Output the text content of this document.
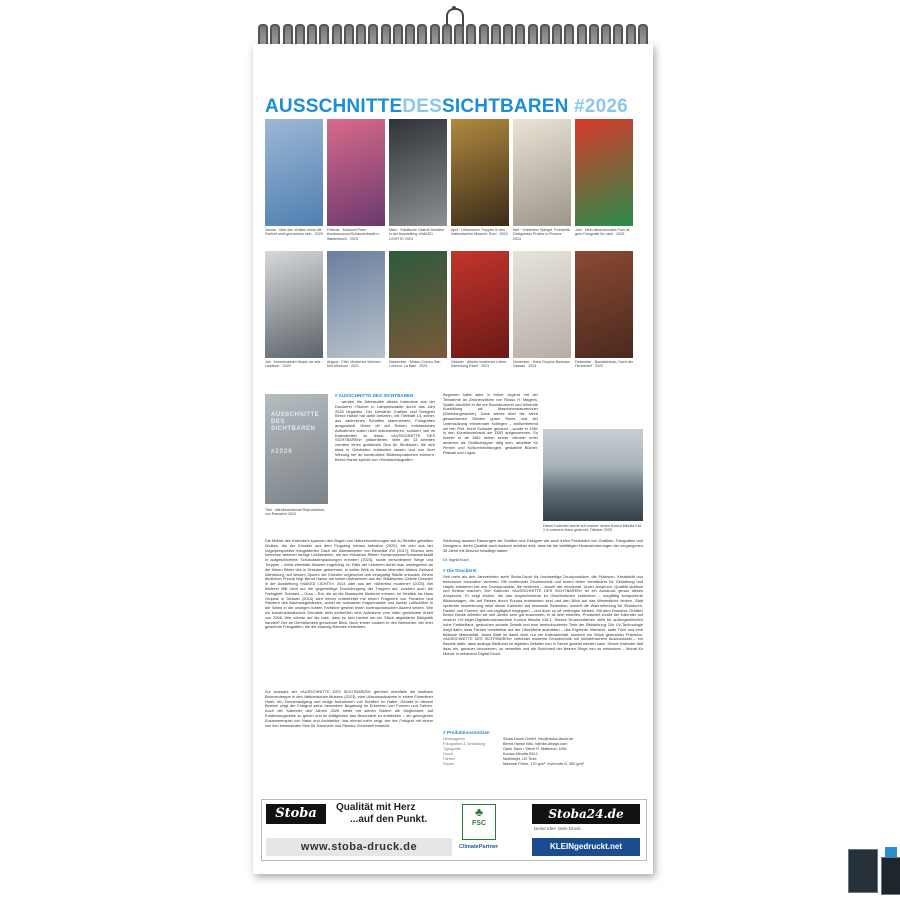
AUSSCHNITTEDESSICHTBAREN #2026
Januar · über den Wolken muss die Freiheit wohl grenzenlos sein · 2025
Februar · Museum Peter Kunstmuseum/Schauwerkstatt in Waldenbuch · 2023
März · Städtische Galerie Dresden in der Ausstellung »NAKED LIGHTS« 2024
April · Ultramarine Treppen in den Vatikanischen Museen, Rom · 2023
Mai · »Helmets« Spiegel, Frontseite Designhaus Proktor in Florenz · 2024
Juni · Mein dimensionales Fahr ist gern Fotografie für mich · 2025
Juli · Kunstmuseum Museu de arte · Lissabon · 2025
August · Eifel, Modernes Wohnen fürs Museum · 2021
September · Museo Cosmo San Lorenzo, La Baie · 2024
Oktober · Alberto modernes Leben, Sammlung Essel · 2021
November · Haus Gropius Bauhaus Dessau · 2024
Dezember · Backsteinbau, Dach der Hermsdorf · 2022
AUSSCHNITTE DES SICHTBAREN
#2026
Titel · offenbeachtende Reproduktion, von Ramstein 2024
# AUSSCHNITTE DES SICHTBAREN
… werden die Adressaten dieses Kalenders aus der Druckerei »Stoba« in Lampertswalde durch das Jahr 2026 begleiten. Der Dresdner Grafiker und Designer Bernd Hanke hat dafür dreizehn, mit Titelblatt 14, seiner, aus zahlreichen Schaffen stammenden, Fotografien ausgewählt. Diese oft auf Reisen entstandenen Aufnahmen sollen nicht dokumentieren, sondern, wie im Kalendertitel zu lesen, »AUSSCHNITTE DES SICHTBAREN« präsentieren. Viele der 13 Arbeiten verraten einen grafischen Sinn für Strukturen, die sich etwa in Gebäuden entdecken lassen und von ihrer Wirkung her an konstruktive Bildkompositionen erinnern. Bernd Hanke spricht von »Strukturfotografie«.
Beginnen hatte alles in früher Jugend mit der Teilnahme an Zeichenzirkeln von Rosso H. Magens. Später durchlief er die zur Buchdruckerei und führende Ausbildung als Maschinenbauzeichner (Werkzeugmacher). Dank seines über die Jahre gewachsenen Sichten guten Rufes und der Unterstützung erinnernder Kollegen – stellvertretend sei hier Prof. Horst Schuster genannt – wurde er 1981 in den Künstlerverband der DDR aufgenommen. So konnte er ab 1982 neben seiner »Arbeit« unter anderem als Grafikdesigner tätig sein, arbeitete für Firmen und Kultureinrichtungen, gestaltete Bücher, Plakate und Logos.
Dieser Kalender wurde auf unserer neuen Konica Minolta KM-1 in unserem Haus gedruckt, Oktober 2025
Werkzeug tausend Fassungen der Grafiker und Designer wie auch freien Produktion von Grafiken, Fotografien und Designern, deren Qualität auch dadurch sichtbar wird, dass sie die vielfältigen Herausforderungen der vergangenen 35 Jahre mit Bravour bewältigt haben.
Dr. Ingrid Koch
Die Motive des Kalenders spannen den Bogen von Naturerscheinungen wie zu Streifen geballten Wolken, die der Künstler aus dem Flugzeug heraus aufnahm (2025), bis zum aus der Vogelperspektive fotografierten Dach der Altarsanieiten von Benedikt XVI (2017). Ebenso sein Interesse welchen farbige Lichtstrahlen, die am »Museum Ritter« Kunstmuseum/Schauwerkstatt in aufgeschichtete Schokoladenpackungen erinnern (2023), sowie verschiedene Wege und Treppen – meist ebenfalls Museen zugehörig. Im Falle der Letzteren denkt man unweigerlich an die frühen Bilder des in Dresden geborenen, in weiter Welt zu Hause lebenden Malers Gerhard Altenbourg, auf dessen Spuren der Künstler ungewohnt und einzigartig Städte erkundet. Einem ähnlichen Prinzip folgt Bernd Hanke mit seinen Aufnahmen aus der Städtischen Galerie Dresden in der Ausstellung »NAKED LIGHTS«, 2014 oder aus der »Albertina moderne« (2023). Bei letzterer fällt nicht nur die gegenseitige Durchdringung der Treppen auf, sondern auch die Farbigkeit: Schwarz – Grau – Rot, die an die Klassische Moderne erinnert. Im Hinblick ins Haus Gropius in Dessau (2014) wird einem unterbreitet mit einem Fragment von Fenstern und Rändern des Bauhausgebäudes, wobei ein schwarzer Klappenladen und dunkle Luftschlitze in der Wand in die unsrigen lichten Farbtöne gesetzt einen kontrapunktischen Akzent setzen. Wie ein konstruktivistisches Gemälde wirkt schließlich eine Aufnahme vom Vater gewidmete Arbeit von 2008. Wer könnte auf die Idee, dass es sich hierbei um ein Stück abgeklärter Bildgrafik handelt? Der an Gemütlichkeit grenzende Blick: Noch immer zaubert er den Betrachter, der eher gewohnte Fotografien, die die zwanzig Rahmen freisetzen.
Zur Auswahl der »AUSSCHNITTE DES SICHTBAREN« gehören ebenfalls die kostbare Brunnentreppe in den Vatikanischen Museen (2023), eine Urlaubsaufnahme in einem Florentiner Hotel, ein Sonnenaufgang und einige Aufnahmen von Schiffen im Hafen. Gerade in diesem Bereich zeigt der Fotograf seine besondere Begabung im Erkennen von Formen und Farben. Auch der Kalender des Jahres 2026 bietet mit seinen Bildern die Möglichkeit, auf Entdeckungsreise zu gehen und im Alltäglichen das Besondere zu entdecken – ein gelungenes Zusammenspiel von Natur und Architektur, das einmal mehr zeigt, wie der Fotograf mit einem von ihm entwickelten Sinn für Harmonie und Struktur Schönheit bewahrt.
# Die Druckerei
Seit mehr als drei Jahrzehnten steht Stoba-Druck für hochwertige Druckprodukte, die Präzision, Kreativität und technische Innovation vereinen. Mit modernster Drucktechnik und einem tiefen Verständnis für Gestaltung und Haptik entstehen bei uns Druckprodukte, die berühren – visuell wie emotional. Unser Anspruch: Qualität sichtbar und fühlbar machen. Der Kalender »AUSSCHNITTE DES SICHTBAREN« ist ein Ausdruck genau dieses Anspruchs. Er zeigt Motive, die das Ungewöhnliche im Gewöhnlichen entdecken – sorgfältig komponierte Bildaussagen, die auf Reisen durch Europa entstanden sind und den Blick auf das Wesentliche lenken. Statt opulenter Inszenierung setzt dieser Kalender auf bewusste Reduktion, schärft die Wahrnehmung für Strukturen, Farben und Formen, die uns tagtäglich begegnen – und doch so oft verborgen bleiben. Mit dem Dresdner Grafiker Bernd Hanke arbeiten wir seit Jahren sehr gut zusammen, er ist sehr erfahren. Produziert wurde der Kalender auf unserer UV-Inkjet-Digitaldruckmaschine Konica Minolta KM-1. Dieses Druckverfahren stellt für außergewöhnlich hohe Farbbrillanz, gestochen scharfe Details und eine beeindruckende Tiefe der Bildwirkung. Die UV-Technologie sorgt dafür, dass Farben unmittelbar auf der Oberfläche aushärten – das Ergebnis: intensive, satte Töne und eine fühlbare Materialität. Jedes Blatt ist damit nicht nur ein Kalenderblatt, sondern ein Stück gedruckter Präzision. »AUSSCHNITTE DES SICHTBAREN« verbindet moderne Drucktechnik mit künstlerischem Ausdrucksstil – ein Beweis dafür, dass analoge Bildkunst im digitalen Zeitalter neu in Szene gesetzt werden kann. Dieser Kalender lädt dazu ein, genauer hinzusehen, zu verweilen und die Schönheit der kleinen Dinge neu zu entdecken – Monat für Monat, in brillantem Digital-Druck.
# Produktionsnotizen
Herausgeber	Stoba-Druck GmbH, info@stoba-druck.de
Fotografien & Gestaltung	Bernd Hanke Bild, h@nke-design.com
Typografie	Open Sans • Steve R. Matteson, USA
Druck	Konica Minolta KM-1
Farben	Multiinkjet, UV Tinte
Papier	Maximal Prime, 170 g/m², Invercote G, 350 g/m²
Stoba	Qualität mit Herz
...auf den Punkt.
www.stoba-druck.de
♣
FSC
ClimatePartner
Stoba24.de
Deine Idee. Dein Druck.
KLEINgedruckt.net
